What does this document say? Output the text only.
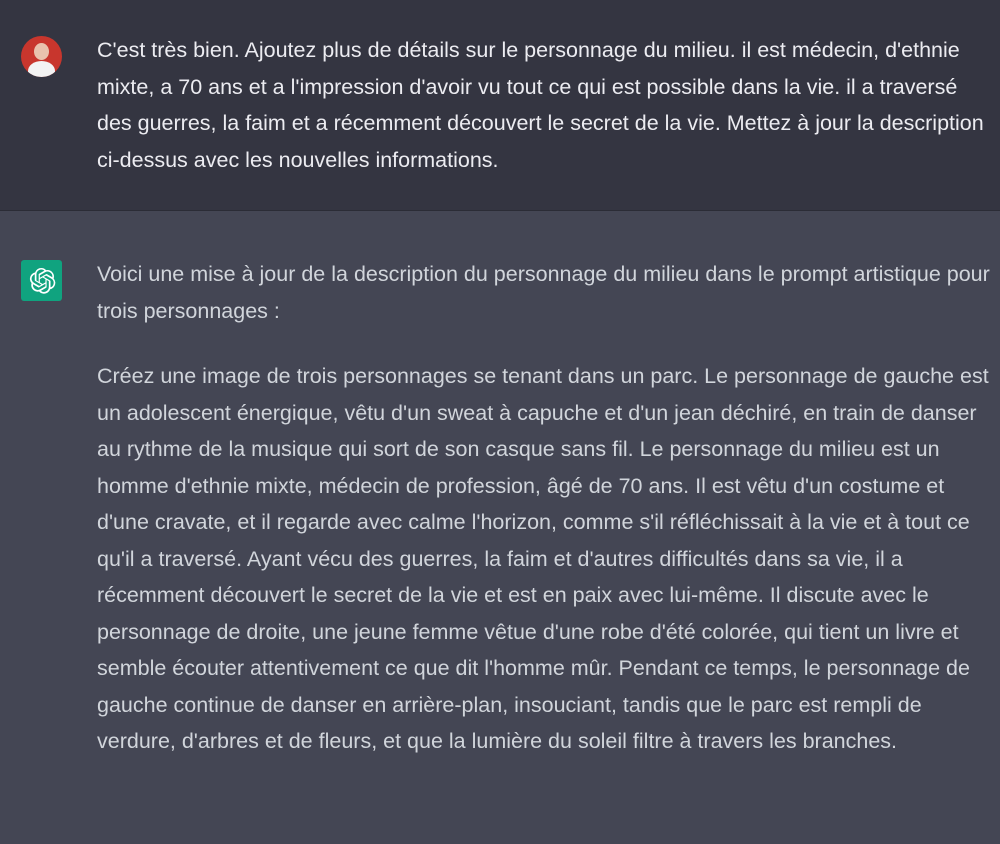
C'est très bien. Ajoutez plus de détails sur le personnage du milieu. il est médecin, d'ethnie mixte, a 70 ans et a l'impression d'avoir vu tout ce qui est possible dans la vie. il a traversé des guerres, la faim et a récemment découvert le secret de la vie. Mettez à jour la description ci-dessus avec les nouvelles informations.

Voici une mise à jour de la description du personnage du milieu dans le prompt artistique pour trois personnages :

Créez une image de trois personnages se tenant dans un parc. Le personnage de gauche est un adolescent énergique, vêtu d'un sweat à capuche et d'un jean déchiré, en train de danser au rythme de la musique qui sort de son casque sans fil. Le personnage du milieu est un homme d'ethnie mixte, médecin de profession, âgé de 70 ans. Il est vêtu d'un costume et d'une cravate, et il regarde avec calme l'horizon, comme s'il réfléchissait à la vie et à tout ce qu'il a traversé. Ayant vécu des guerres, la faim et d'autres difficultés dans sa vie, il a récemment découvert le secret de la vie et est en paix avec lui-même. Il discute avec le personnage de droite, une jeune femme vêtue d'une robe d'été colorée, qui tient un livre et semble écouter attentivement ce que dit l'homme mûr. Pendant ce temps, le personnage de gauche continue de danser en arrière-plan, insouciant, tandis que le parc est rempli de verdure, d'arbres et de fleurs, et que la lumière du soleil filtre à travers les branches.
